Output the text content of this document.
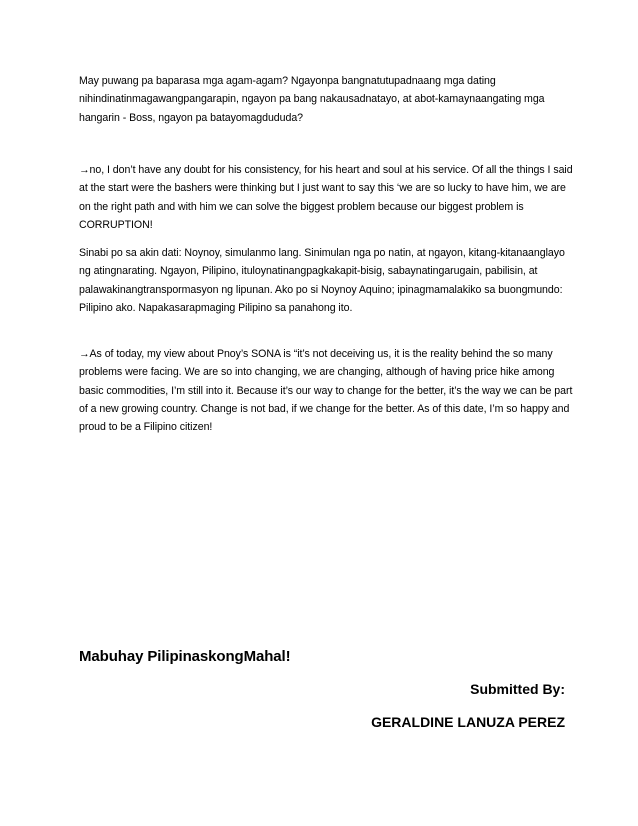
May puwang pa baparasa mga agam-agam? Ngayonpa bangnatutupadnaang mga dating nihindinatinmagawangpangarapin, ngayon pa bang nakausadnatayo, at abot-kamaynaangating mga hangarin - Boss, ngayon pa batayomagdududa?

→no, I don’t have any doubt for his consistency, for his heart and soul at his service. Of all the things I said at the start were the bashers were thinking but I just want to say this ‘we are so lucky to have him, we are on the right path and with him we can solve the biggest problem because our biggest problem is CORRUPTION!

Sinabi po sa akin dati: Noynoy, simulanmo lang. Sinimulan nga po natin, at ngayon, kitang-kitanaanglayo ng atingnarating. Ngayon, Pilipino, ituloynatinangpagkakapit-bisig, sabaynatingarugain, pabilisin, at palawakinangtranspormasyon ng lipunan. Ako po si Noynoy Aquino; ipinagmamalakiko sa buongmundo: Pilipino ako. Napakasarapmaging Pilipino sa panahong ito.

→As of today, my view about Pnoy’s SONA is “it’s not deceiving us, it is the reality behind the so many problems were facing. We are so into changing, we are changing, although of having price hike among basic commodities, I’m still into it. Because it’s our way to change for the better, it’s the way we can be part of a new growing country. Change is not bad, if we change for the better. As of this date, I’m so happy and proud to be a Filipino citizen!

Mabuhay PilipinaskongMahal!

Submitted By:

GERALDINE LANUZA PEREZ
